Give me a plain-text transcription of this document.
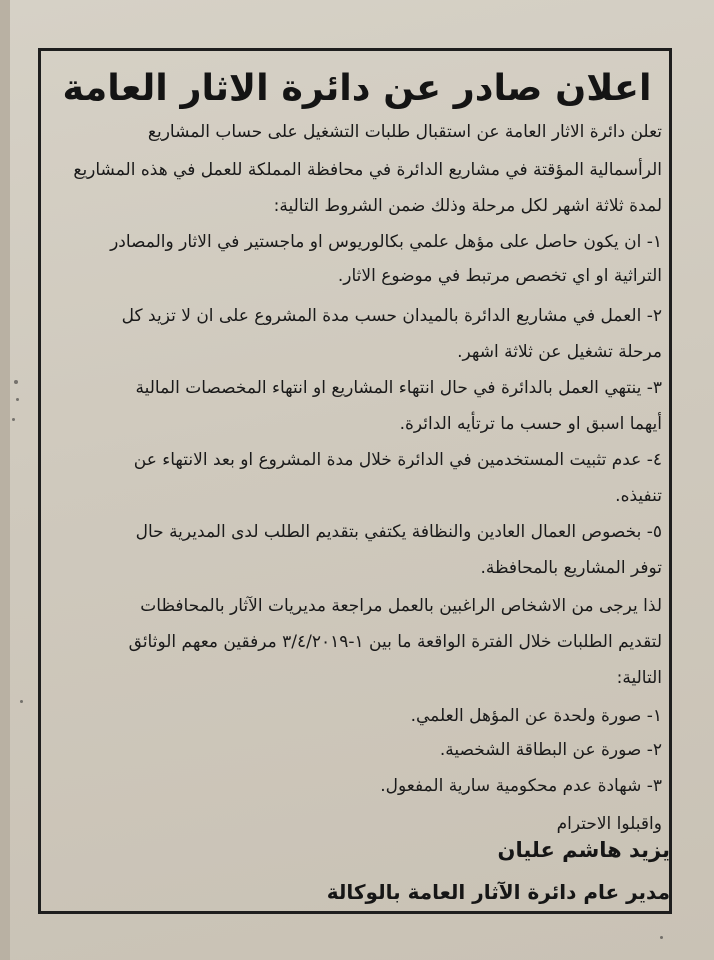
اعلان صادر عن دائرة الاثار العامة
تعلن دائرة الاثار العامة عن استقبال طلبات التشغيل على حساب المشاريع
الرأسمالية المؤقتة في مشاريع الدائرة في محافظة المملكة للعمل في هذه المشاريع
لمدة ثلاثة اشهر لكل مرحلة وذلك ضمن الشروط التالية:
١- ان يكون حاصل على مؤهل علمي بكالوريوس او ماجستير في الاثار والمصادر
التراثية او اي تخصص مرتبط في موضوع الاثار.
٢- العمل في مشاريع الدائرة بالميدان حسب مدة المشروع على ان لا تزيد كل
مرحلة تشغيل عن ثلاثة اشهر.
٣- ينتهي العمل بالدائرة في حال انتهاء المشاريع او انتهاء المخصصات المالية
أيهما اسبق او حسب ما ترتأيه الدائرة.
٤- عدم تثبيت المستخدمين في الدائرة خلال مدة المشروع او بعد الانتهاء عن
تنفيذه.
٥- بخصوص العمال العادين والنظافة يكتفي بتقديم الطلب لدى المديرية حال
توفر المشاريع بالمحافظة.
لذا يرجى من الاشخاص الراغبين بالعمل مراجعة مديريات الآثار بالمحافظات
لتقديم الطلبات خلال الفترة الواقعة ما بين ١-٣/٤/٢٠١٩ مرفقين معهم الوثائق
التالية:
١- صورة ولحدة عن المؤهل العلمي.
٢- صورة عن البطاقة الشخصية.
٣- شهادة عدم محكومية سارية المفعول.
واقبلوا الاحترام
يزيد هاشم عليان
مدير عام دائرة الآثار العامة بالوكالة
